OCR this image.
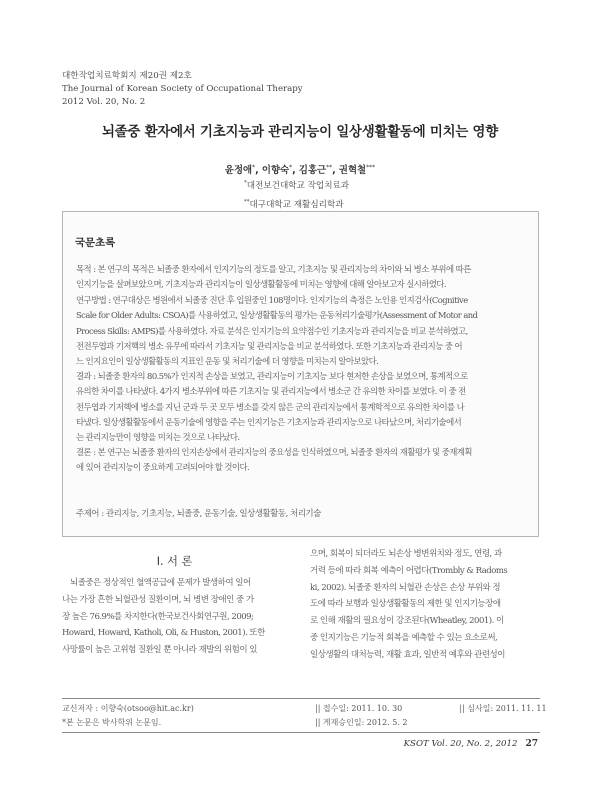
대한작업치료학회지 제20권 제2호
The Journal of Korean Society of Occupational Therapy
2012 Vol. 20, No. 2
뇌졸중 환자에서 기초지능과 관리지능이 일상생활활동에 미치는 영향
윤정애*, 이향숙*, 김홍근**, 권혁철***
*대전보건대학교 작업치료과
**대구대학교 재활심리학과
국문초록
목적 : 본 연구의 목적은 뇌졸중 환자에서 인지기능의 정도를 알고, 기초지능 및 관리지능의 차이와 뇌 병소 부위에 따른
인지기능을 살펴보았으며, 기초지능과 관리지능이 일상생활활동에 미치는 영향에 대해 알아보고자 실시하였다.
연구방법 : 연구대상은 병원에서 뇌졸중 진단 후 입원중인 108명이다. 인지기능의 측정은 노인용 인지검사(Cognitive
Scale for Older Adults: CSOA)를 사용하였고, 일상생활활동의 평가는 운동처리기술평가(Assessment of Motor and
Process Skills: AMPS)를 사용하였다. 자료 분석은 인지기능의 요약점수인 기초지능과 관리지능을 비교 분석하였고,
전전두엽과 기저핵의 병소 유무에 따라서 기초지능 및 관리지능을 비교 분석하였다. 또한 기초지능과 관리지능 중 어
느 인지요인이 일상생활활동의 지표인 운동 및 처리기술에 더 영향을 미치는지 알아보았다.
결과 : 뇌졸중 환자의 80.5%가 인지적 손상을 보였고, 관리지능이 기초지능 보다 현저한 손상을 보였으며, 통계적으로
유의한 차이를 나타냈다. 4가지 병소부위에 따른 기초지능 및 관리지능에서 병소군 간 유의한 차이를 보였다. 이 중 전
전두엽과 기저핵에 병소를 지닌 군과 두 곳 모두 병소를 갖지 않은 군의 관리지능에서 통계학적으로 유의한 차이를 나
타냈다. 일상생활활동에서 운동기술에 영향을 주는 인지기능은 기초지능과 관리지능으로 나타났으며, 처리기술에서
는 관리지능만이 영향을 미치는 것으로 나타났다.
결론 : 본 연구는 뇌졸중 환자의 인지손상에서 관리지능의 중요성을 인식하였으며, 뇌졸중 환자의 재활평가 및 중재계획
에 있어 관리지능이 중요하게 고려되어야 할 것이다.
주제어 : 관리지능, 기초지능, 뇌졸중, 운동기술, 일상생활활동, 처리기술
Ⅰ. 서 론
뇌졸중은 정상적인 혈액공급에 문제가 발생하여 일어
나는 가장 흔한 뇌혈관성 질환이며, 뇌 병변 장애인 중 가
장 높은 76.9%를 차지한다(한국보건사회연구원, 2009;
Howard, Howard, Katholi, Oli, & Huston, 2001). 또한
사망률이 높은 고위험 질환일 뿐 아니라 재발의 위험이 있
으며, 회복이 되더라도 뇌손상 병변위치와 정도, 연령, 과
거력 등에 따라 회복 예측이 어렵다(Trombly & Radoms
ki, 2002). 뇌졸중 환자의 뇌혈관 손상은 손상 부위와 정
도에 따라 보행과 일상생활활동의 제한 및 인지기능장애
로 인해 재활의 필요성이 강조된다(Wheatley, 2001). 이
중 인지기능은 기능적 회복을 예측할 수 있는 요소로써,
일상생활의 대처능력, 재활 효과, 일반적 예후와 관련성이
교신저자 : 이향숙(otsoo@hit.ac.kr)
*본 논문은 박사학위 논문임.
|| 접수일: 2011. 10. 30	|| 심사일: 2011. 11. 11
|| 게재승인일: 2012. 5. 2
KSOT Vol. 20, No. 2, 2012 27
